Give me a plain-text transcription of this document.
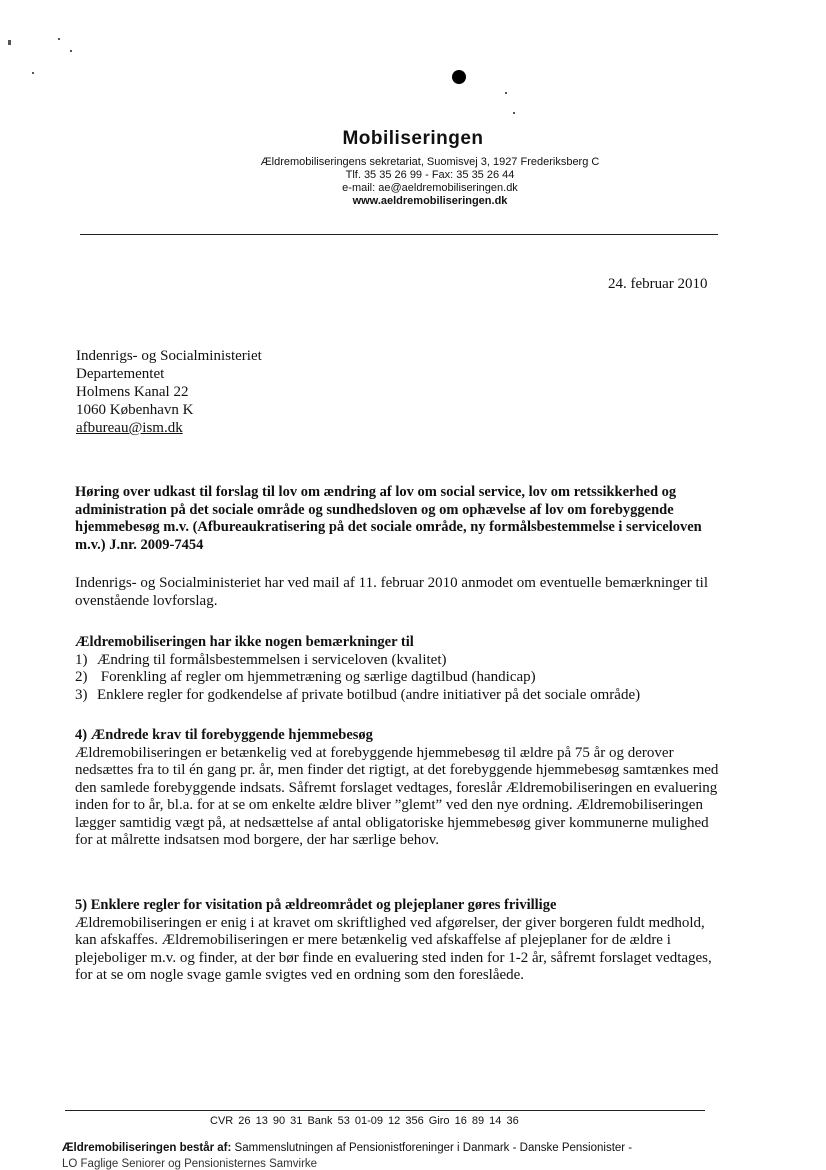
Mobiliseringen
Ældremobiliseringens sekretariat, Suomisvej 3, 1927 Frederiksberg C
Tlf. 35 35 26 99 - Fax: 35 35 26 44
e-mail: ae@aeldremobiliseringen.dk
www.aeldremobiliseringen.dk
24. februar 2010
Indenrigs- og Socialministeriet
Departementet
Holmens Kanal 22
1060 København K
afbureau@ism.dk
Høring over udkast til forslag til lov om ændring af lov om social service, lov om retssikkerhed og administration på det sociale område og sundhedsloven og om ophævelse af lov om forebyggende hjemmebesøg m.v. (Afbureaukratisering på det sociale område, ny formålsbestemmelse i serviceloven m.v.) J.nr. 2009-7454
Indenrigs- og Socialministeriet har ved mail af 11. februar 2010 anmodet om eventuelle bemærkninger til ovenstående lovforslag.
Ældremobiliseringen har ikke nogen bemærkninger til
1) Ændring til formålsbestemmelsen i serviceloven (kvalitet)
2) Forenkling af regler om hjemmetræning og særlige dagtilbud (handicap)
3) Enklere regler for godkendelse af private botilbud (andre initiativer på det sociale område)
4) Ændrede krav til forebyggende hjemmebesøg
Ældremobiliseringen er betænkelig ved at forebyggende hjemmebesøg til ældre på 75 år og derover nedsættes fra to til én gang pr. år, men finder det rigtigt, at det forebyggende hjemmebesøg samtænkes med den samlede forebyggende indsats. Såfremt forslaget vedtages, foreslår Ældremobiliseringen en evaluering inden for to år, bl.a. for at se om enkelte ældre bliver ”glemt” ved den nye ordning. Ældremobiliseringen lægger samtidig vægt på, at nedsættelse af antal obligatoriske hjemmebesøg giver kommunerne mulighed for at målrette indsatsen mod borgere, der har særlige behov.
5) Enklere regler for visitation på ældreområdet og plejeplaner gøres frivillige
Ældremobiliseringen er enig i at kravet om skriftlighed ved afgørelser, der giver borgeren fuldt medhold, kan afskaffes. Ældremobiliseringen er mere betænkelig ved afskaffelse af plejeplaner for de ældre i plejeboliger m.v. og finder, at der bør finde en evaluering sted inden for 1-2 år, såfremt forslaget vedtages, for at se om nogle svage gamle svigtes ved en ordning som den foreslåede.
CVR 26 13 90 31 Bank 53 01-09 12 356 Giro 16 89 14 36
Ældremobiliseringen består af: Sammenslutningen af Pensionistforeninger i Danmark - Danske Pensionister -
LO Faglige Seniorer og Pensionisternes Samvirke
